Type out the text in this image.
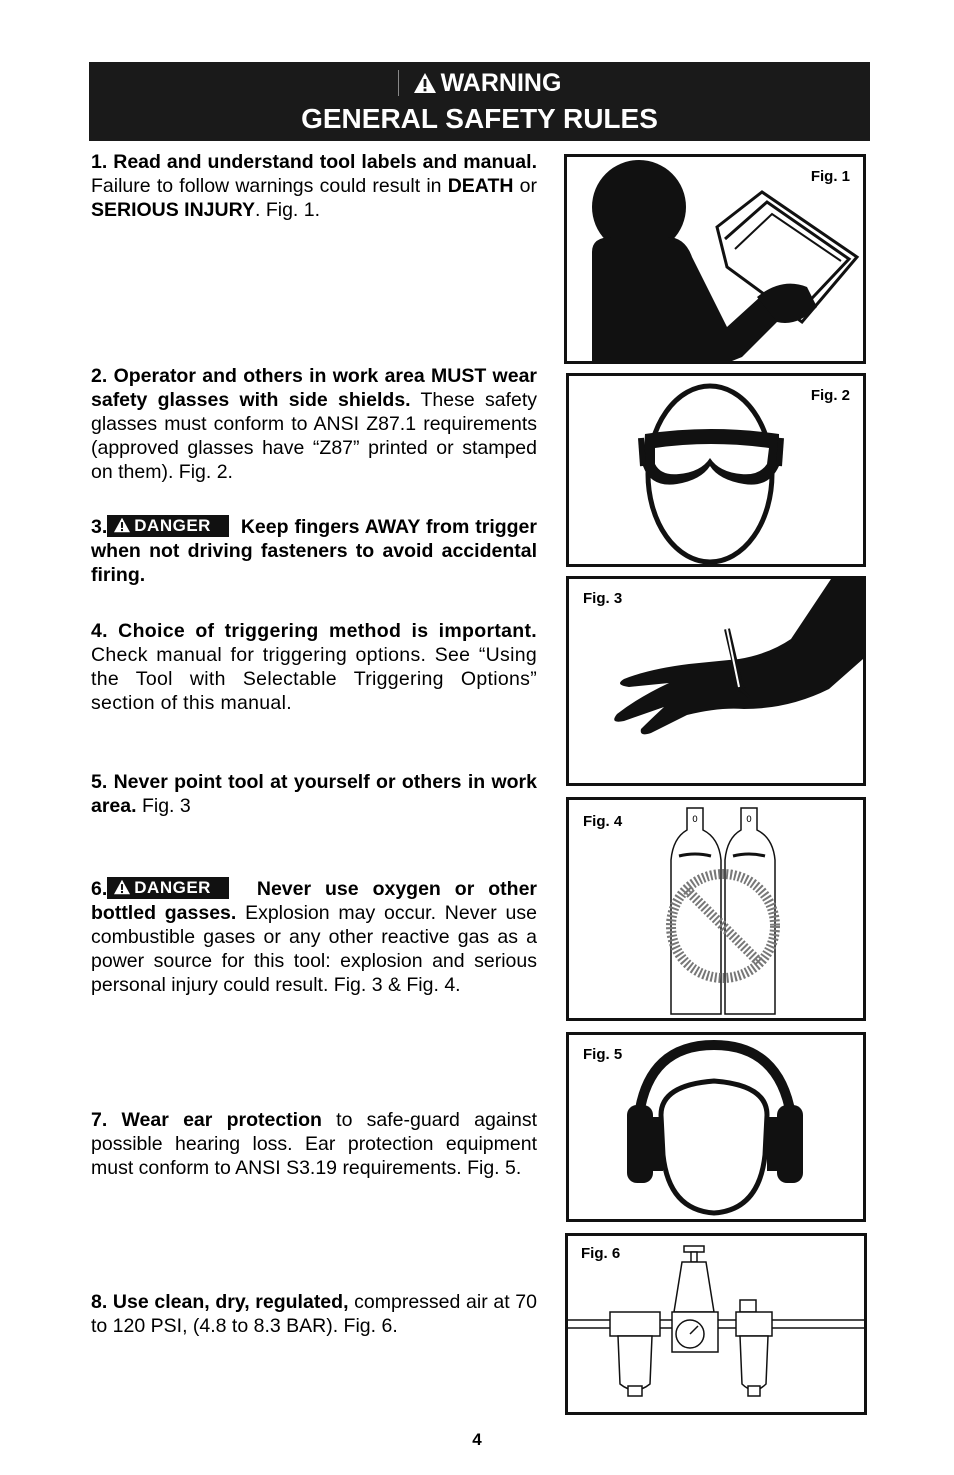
WARNING
GENERAL SAFETY RULES
1. Read and understand tool labels and manual. Failure to follow warnings could result in DEATH or SERIOUS INJURY. Fig. 1.
2. Operator and others in work area MUST wear safety glasses with side shields. These safety glasses must conform to ANSI Z87.1 requirements (approved glasses have “Z87” printed or stamped on them). Fig. 2.
3. DANGER Keep fingers AWAY from trigger when not driving fasteners to avoid accidental firing.
4. Choice of triggering method is important. Check manual for triggering options. See “Using the Tool with Selectable Triggering Options” section of this manual.
5. Never point tool at yourself or others in work area. Fig. 3
6. DANGER Never use oxygen or other bottled gasses. Explosion may occur. Never use combustible gases or any other reactive gas as a power source for this tool: explosion and serious personal injury could result. Fig. 3 & Fig. 4.
7. Wear ear protection to safe-guard against possible hearing loss. Ear protection equipment must conform to ANSI S3.19 requirements. Fig. 5.
8. Use clean, dry, regulated, compressed air at 70 to 120 PSI, (4.8 to 8.3 BAR). Fig. 6.
Fig. 1
Fig. 2
Fig. 3
Fig. 4	0	0
Fig. 5
Fig. 6
4
